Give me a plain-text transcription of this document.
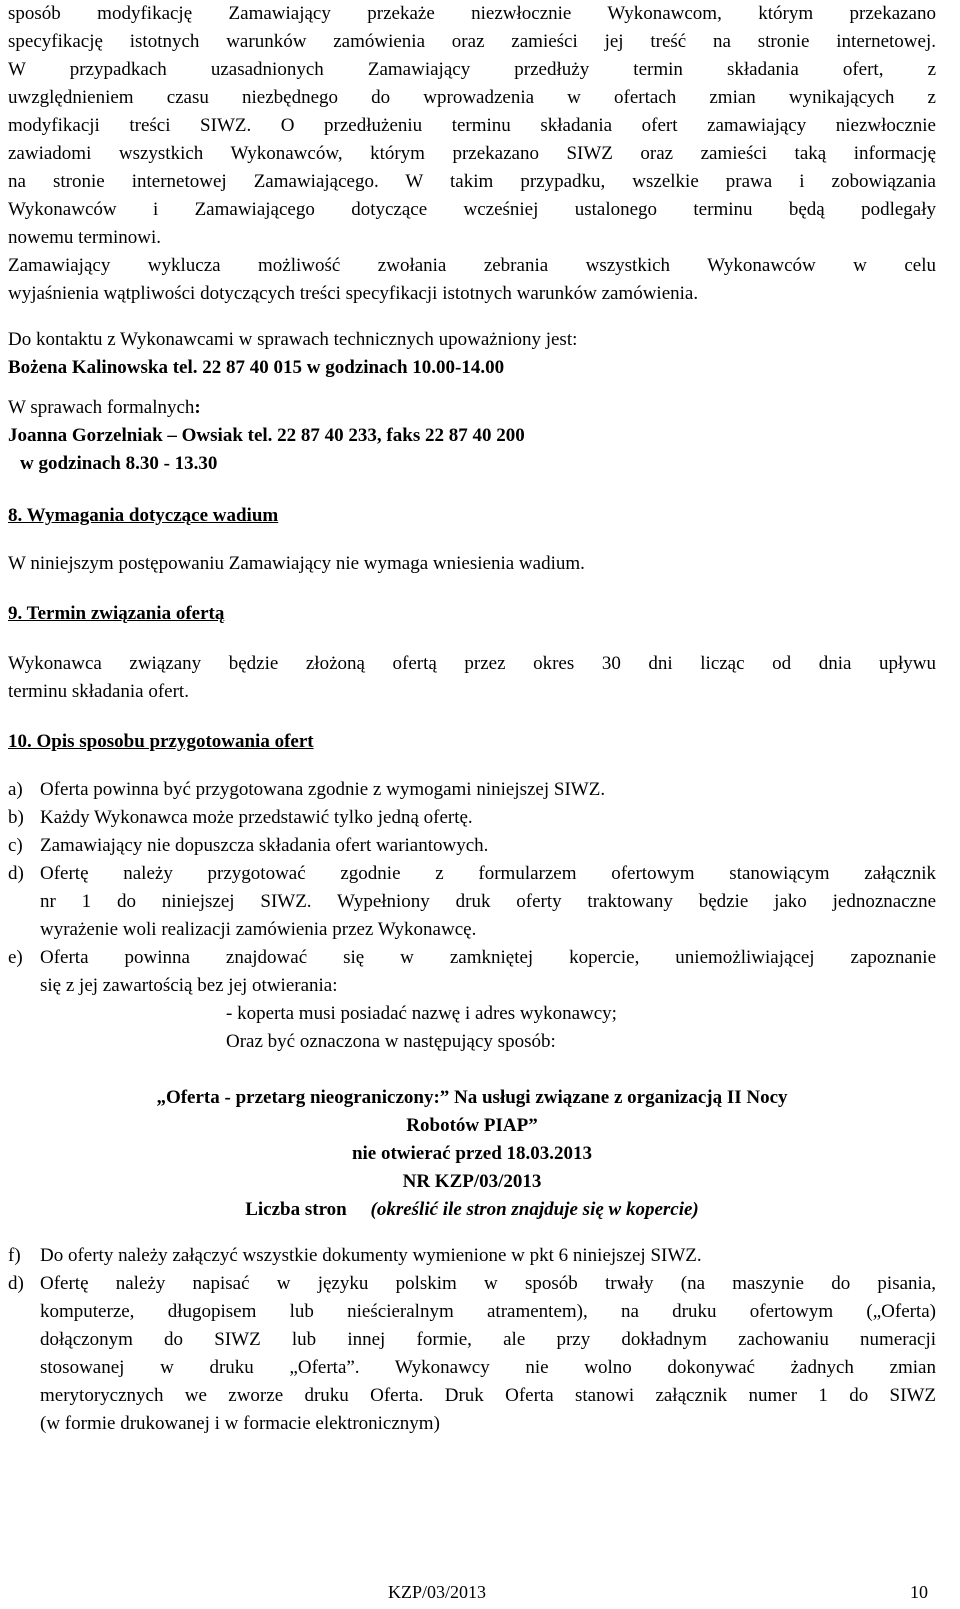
sposób modyfikację Zamawiający przekaże niezwłocznie Wykonawcom, którym przekazano

specyfikację istotnych warunków zamówienia oraz zamieści jej treść na stronie internetowej.

W przypadkach uzasadnionych Zamawiający przedłuży termin składania ofert, z

uwzględnieniem czasu niezbędnego do wprowadzenia w ofertach zmian wynikających z

modyfikacji treści SIWZ. O przedłużeniu terminu składania ofert zamawiający niezwłocznie

zawiadomi wszystkich Wykonawców, którym przekazano SIWZ oraz zamieści taką informację

na stronie internetowej Zamawiającego. W takim przypadku, wszelkie prawa i zobowiązania

Wykonawców i Zamawiającego dotyczące wcześniej ustalonego terminu będą podlegały

nowemu terminowi.

Zamawiający wyklucza możliwość zwołania zebrania wszystkich Wykonawców w celu

wyjaśnienia wątpliwości dotyczących treści specyfikacji istotnych warunków zamówienia.

Do kontaktu z Wykonawcami w sprawach technicznych upoważniony jest:

Bożena Kalinowska tel. 22 87 40 015 w godzinach 10.00-14.00

W sprawach formalnych:

Joanna Gorzelniak – Owsiak tel. 22 87 40 233, faks 22 87 40 200

w godzinach 8.30 - 13.30

8. Wymagania dotyczące wadium

W niniejszym postępowaniu Zamawiający nie wymaga wniesienia wadium.

9. Termin związania ofertą

Wykonawca związany będzie złożoną ofertą przez okres 30 dni licząc od dnia upływu

terminu składania ofert.

10. Opis sposobu przygotowania ofert

a) Oferta powinna być przygotowana zgodnie z wymogami niniejszej SIWZ.

b) Każdy Wykonawca może przedstawić tylko jedną ofertę.

c) Zamawiający nie dopuszcza składania ofert wariantowych.

d) Ofertę należy przygotować zgodnie z formularzem ofertowym stanowiącym załącznik

nr 1 do niniejszej SIWZ. Wypełniony druk oferty traktowany będzie jako jednoznaczne

wyrażenie woli realizacji zamówienia przez Wykonawcę.

e) Oferta powinna znajdować się w zamkniętej kopercie, uniemożliwiającej zapoznanie

się z jej zawartością bez jej otwierania:

- koperta musi posiadać nazwę i adres wykonawcy;

Oraz być oznaczona w następujący sposób:

„Oferta - przetarg nieograniczony:” Na usługi związane z organizacją II Nocy

Robotów PIAP”

nie otwierać przed 18.03.2013

NR KZP/03/2013

Liczba stron (określić ile stron znajduje się w kopercie)

f) Do oferty należy załączyć wszystkie dokumenty wymienione w pkt 6 niniejszej SIWZ.

d) Ofertę należy napisać w języku polskim w sposób trwały (na maszynie do pisania,

komputerze, długopisem lub nieścieralnym atramentem), na druku ofertowym („Oferta)

dołączonym do SIWZ lub innej formie, ale przy dokładnym zachowaniu numeracji

stosowanej w druku „Oferta”. Wykonawcy nie wolno dokonywać żadnych zmian

merytorycznych we zworze druku Oferta. Druk Oferta stanowi załącznik numer 1 do SIWZ

(w formie drukowanej i w formacie elektronicznym)

KZP/03/2013	10
